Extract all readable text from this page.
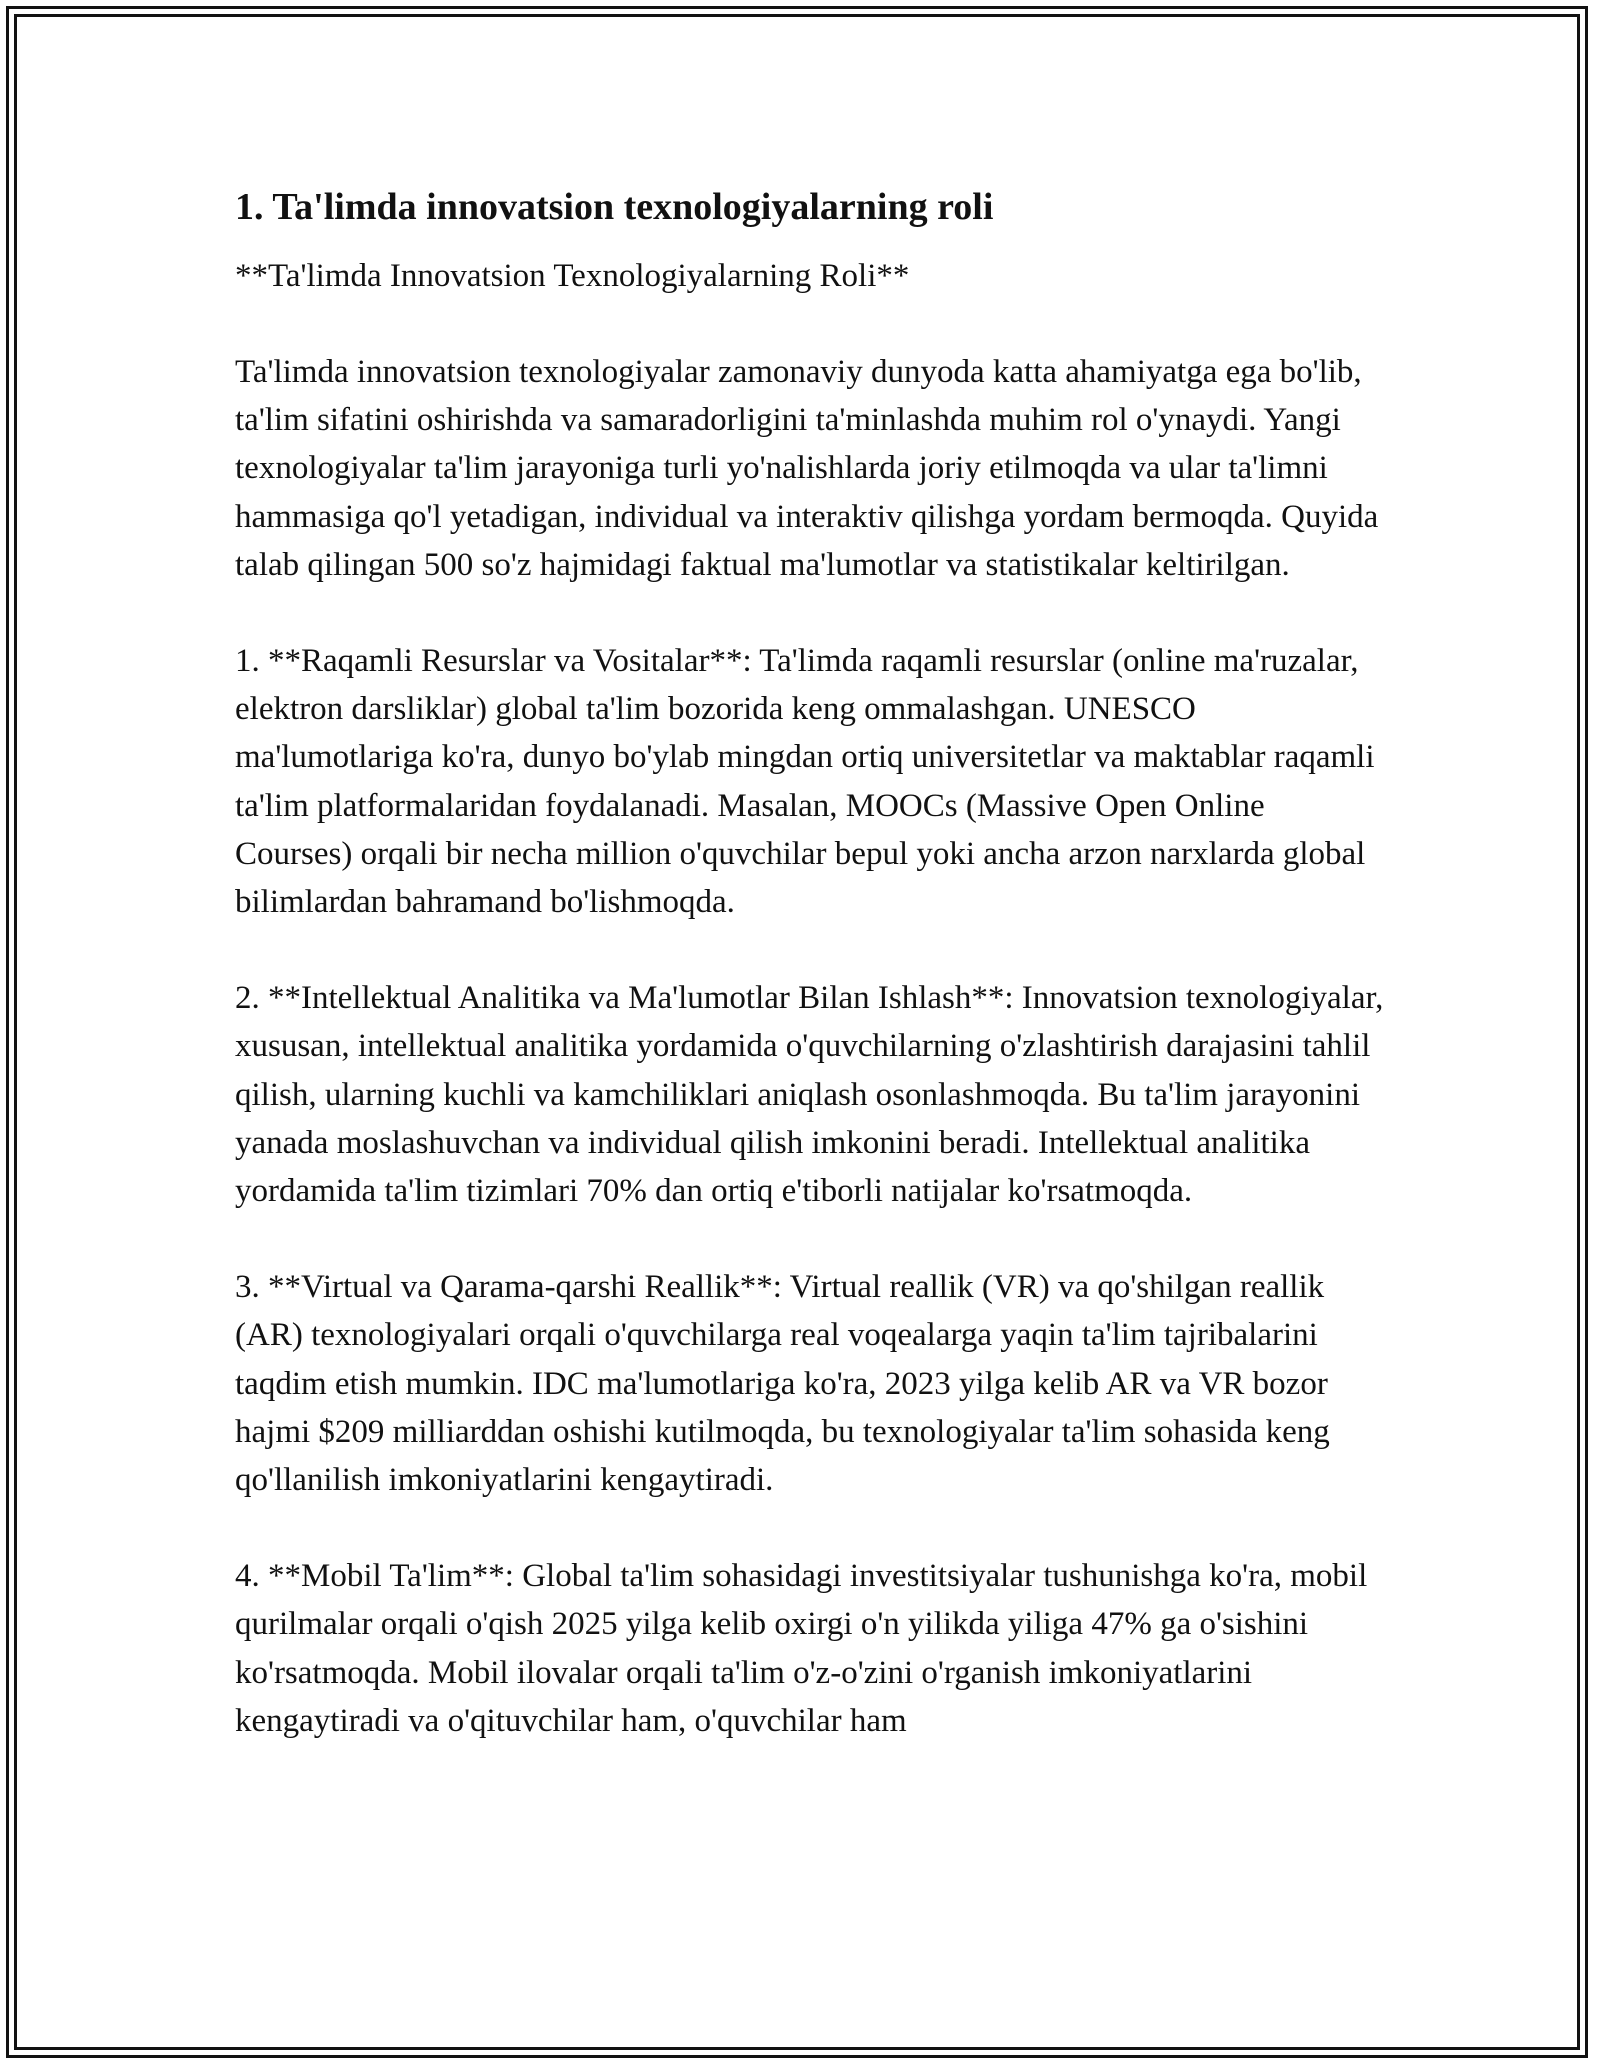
1. Ta'limda innovatsion texnologiyalarning roli

**Ta'limda Innovatsion Texnologiyalarning Roli**

Ta'limda innovatsion texnologiyalar zamonaviy dunyoda katta ahamiyatga ega bo'lib, ta'lim sifatini oshirishda va samaradorligini ta'minlashda muhim rol o'ynaydi. Yangi texnologiyalar ta'lim jarayoniga turli yo'nalishlarda joriy etilmoqda va ular ta'limni hammasiga qo'l yetadigan, individual va interaktiv qilishga yordam bermoqda. Quyida talab qilingan 500 so'z hajmidagi faktual ma'lumotlar va statistikalar keltirilgan.

1. **Raqamli Resurslar va Vositalar**: Ta'limda raqamli resurslar (online ma'ruzalar, elektron darsliklar) global ta'lim bozorida keng ommalashgan. UNESCO ma'lumotlariga ko'ra, dunyo bo'ylab mingdan ortiq universitetlar va maktablar raqamli ta'lim platformalaridan foydalanadi. Masalan, MOOCs (Massive Open Online Courses) orqali bir necha million o'quvchilar bepul yoki ancha arzon narxlarda global bilimlardan bahramand bo'lishmoqda.

2. **Intellektual Analitika va Ma'lumotlar Bilan Ishlash**: Innovatsion texnologiyalar, xususan, intellektual analitika yordamida o'quvchilarning o'zlashtirish darajasini tahlil qilish, ularning kuchli va kamchiliklari aniqlash osonlashmoqda. Bu ta'lim jarayonini yanada moslashuvchan va individual qilish imkonini beradi. Intellektual analitika yordamida ta'lim tizimlari 70% dan ortiq e'tiborli natijalar ko'rsatmoqda.

3. **Virtual va Qarama-qarshi Reallik**: Virtual reallik (VR) va qo'shilgan reallik (AR) texnologiyalari orqali o'quvchilarga real voqealarga yaqin ta'lim tajribalarini taqdim etish mumkin. IDC ma'lumotlariga ko'ra, 2023 yilga kelib AR va VR bozor hajmi $209 milliarddan oshishi kutilmoqda, bu texnologiyalar ta'lim sohasida keng qo'llanilish imkoniyatlarini kengaytiradi.

4. **Mobil Ta'lim**: Global ta'lim sohasidagi investitsiyalar tushunishga ko'ra, mobil qurilmalar orqali o'qish 2025 yilga kelib oxirgi o'n yilikda yiliga 47% ga o'sishini ko'rsatmoqda. Mobil ilovalar orqali ta'lim o'z-o'zini o'rganish imkoniyatlarini kengaytiradi va o'qituvchilar ham, o'quvchilar ham
